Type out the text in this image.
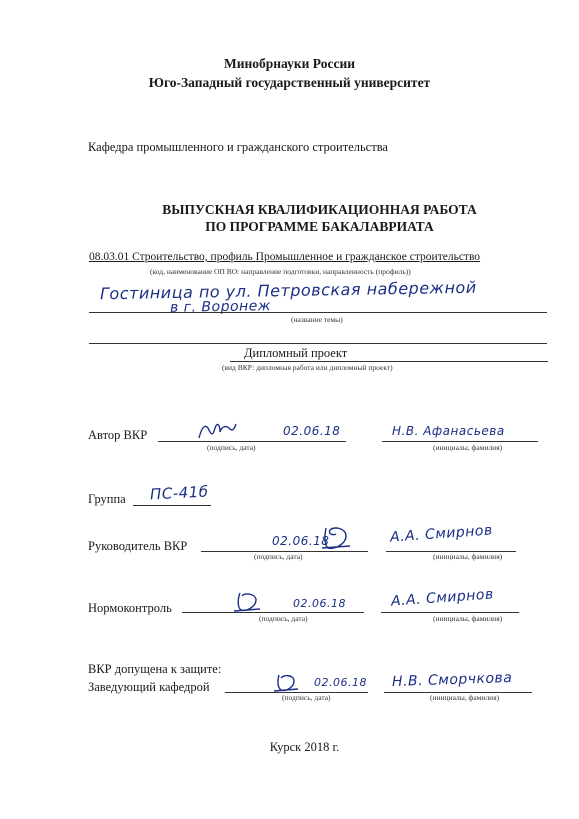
Минобрнауки России
Юго-Западный государственный университет
Кафедра промышленного и гражданского строительства
ВЫПУСКНАЯ КВАЛИФИКАЦИОННАЯ РАБОТА
ПО ПРОГРАММЕ БАКАЛАВРИАТА
08.03.01 Строительство, профиль Промышленное и гражданское строительство
(код, наименование ОП ВО: направление подготовки, направленность (профиль))
Гостиница по ул. Петровская набережной
в г. Воронеж
(название темы)
Дипломный проект
(вид ВКР: дипломная работа или дипломный проект)
Автор ВКР	02.06.18	Н.В. Афанасьева
(подпись, дата)	(инициалы, фамилия)
Группа ПС-41б
Руководитель ВКР	02.06.18	А.А. Смирнов
(подпись, дата)	(инициалы, фамилия)
Нормоконтроль	02.06.18	А.А. Смирнов
(подпись, дата)	(инициалы, фамилия)
ВКР допущена к защите:
Заведующий кафедрой	02.06.18 Н.В. Сморчкова
(подпись, дата)	(инициалы, фамилия)
Курск 2018 г.
